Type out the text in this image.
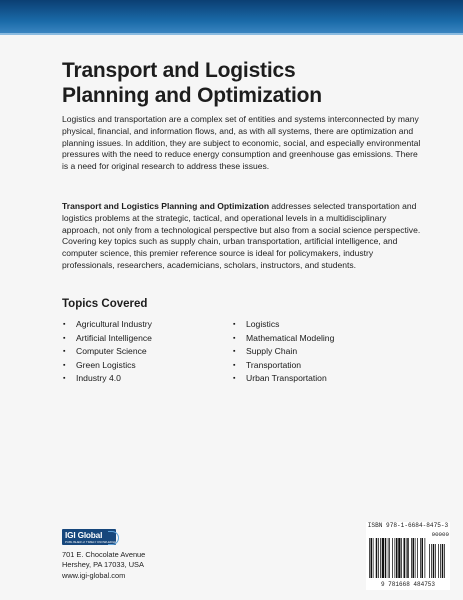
Transport and Logistics
Planning and Optimization
Logistics and transportation are a complex set of entities and systems interconnected by many physical, financial, and information flows, and, as with all systems, there are optimization and planning issues. In addition, they are subject to economic, social, and especially environmental pressures with the need to reduce energy consumption and greenhouse gas emissions. There is a need for original research to address these issues.
Transport and Logistics Planning and Optimization addresses selected transportation and logistics problems at the strategic, tactical, and operational levels in a multidisciplinary approach, not only from a technological perspective but also from a social science perspective. Covering key topics such as supply chain, urban transportation, artificial intelligence, and computer science, this premier reference source is ideal for policymakers, industry professionals, researchers, academicians, scholars, instructors, and students.
Topics Covered
▪ Agricultural Industry
▪ Artificial Intelligence
▪ Computer Science
▪ Green Logistics
▪ Industry 4.0
▪ Logistics
▪ Mathematical Modeling
▪ Supply Chain
▪ Transportation
▪ Urban Transportation
IGI Global
PUBLISHER of TIMELY KNOWLEDGE
701 E. Chocolate Avenue
Hershey, PA 17033, USA
www.igi-global.com
ISBN 978-1-6684-8475-3
90000
9 781668 484753
